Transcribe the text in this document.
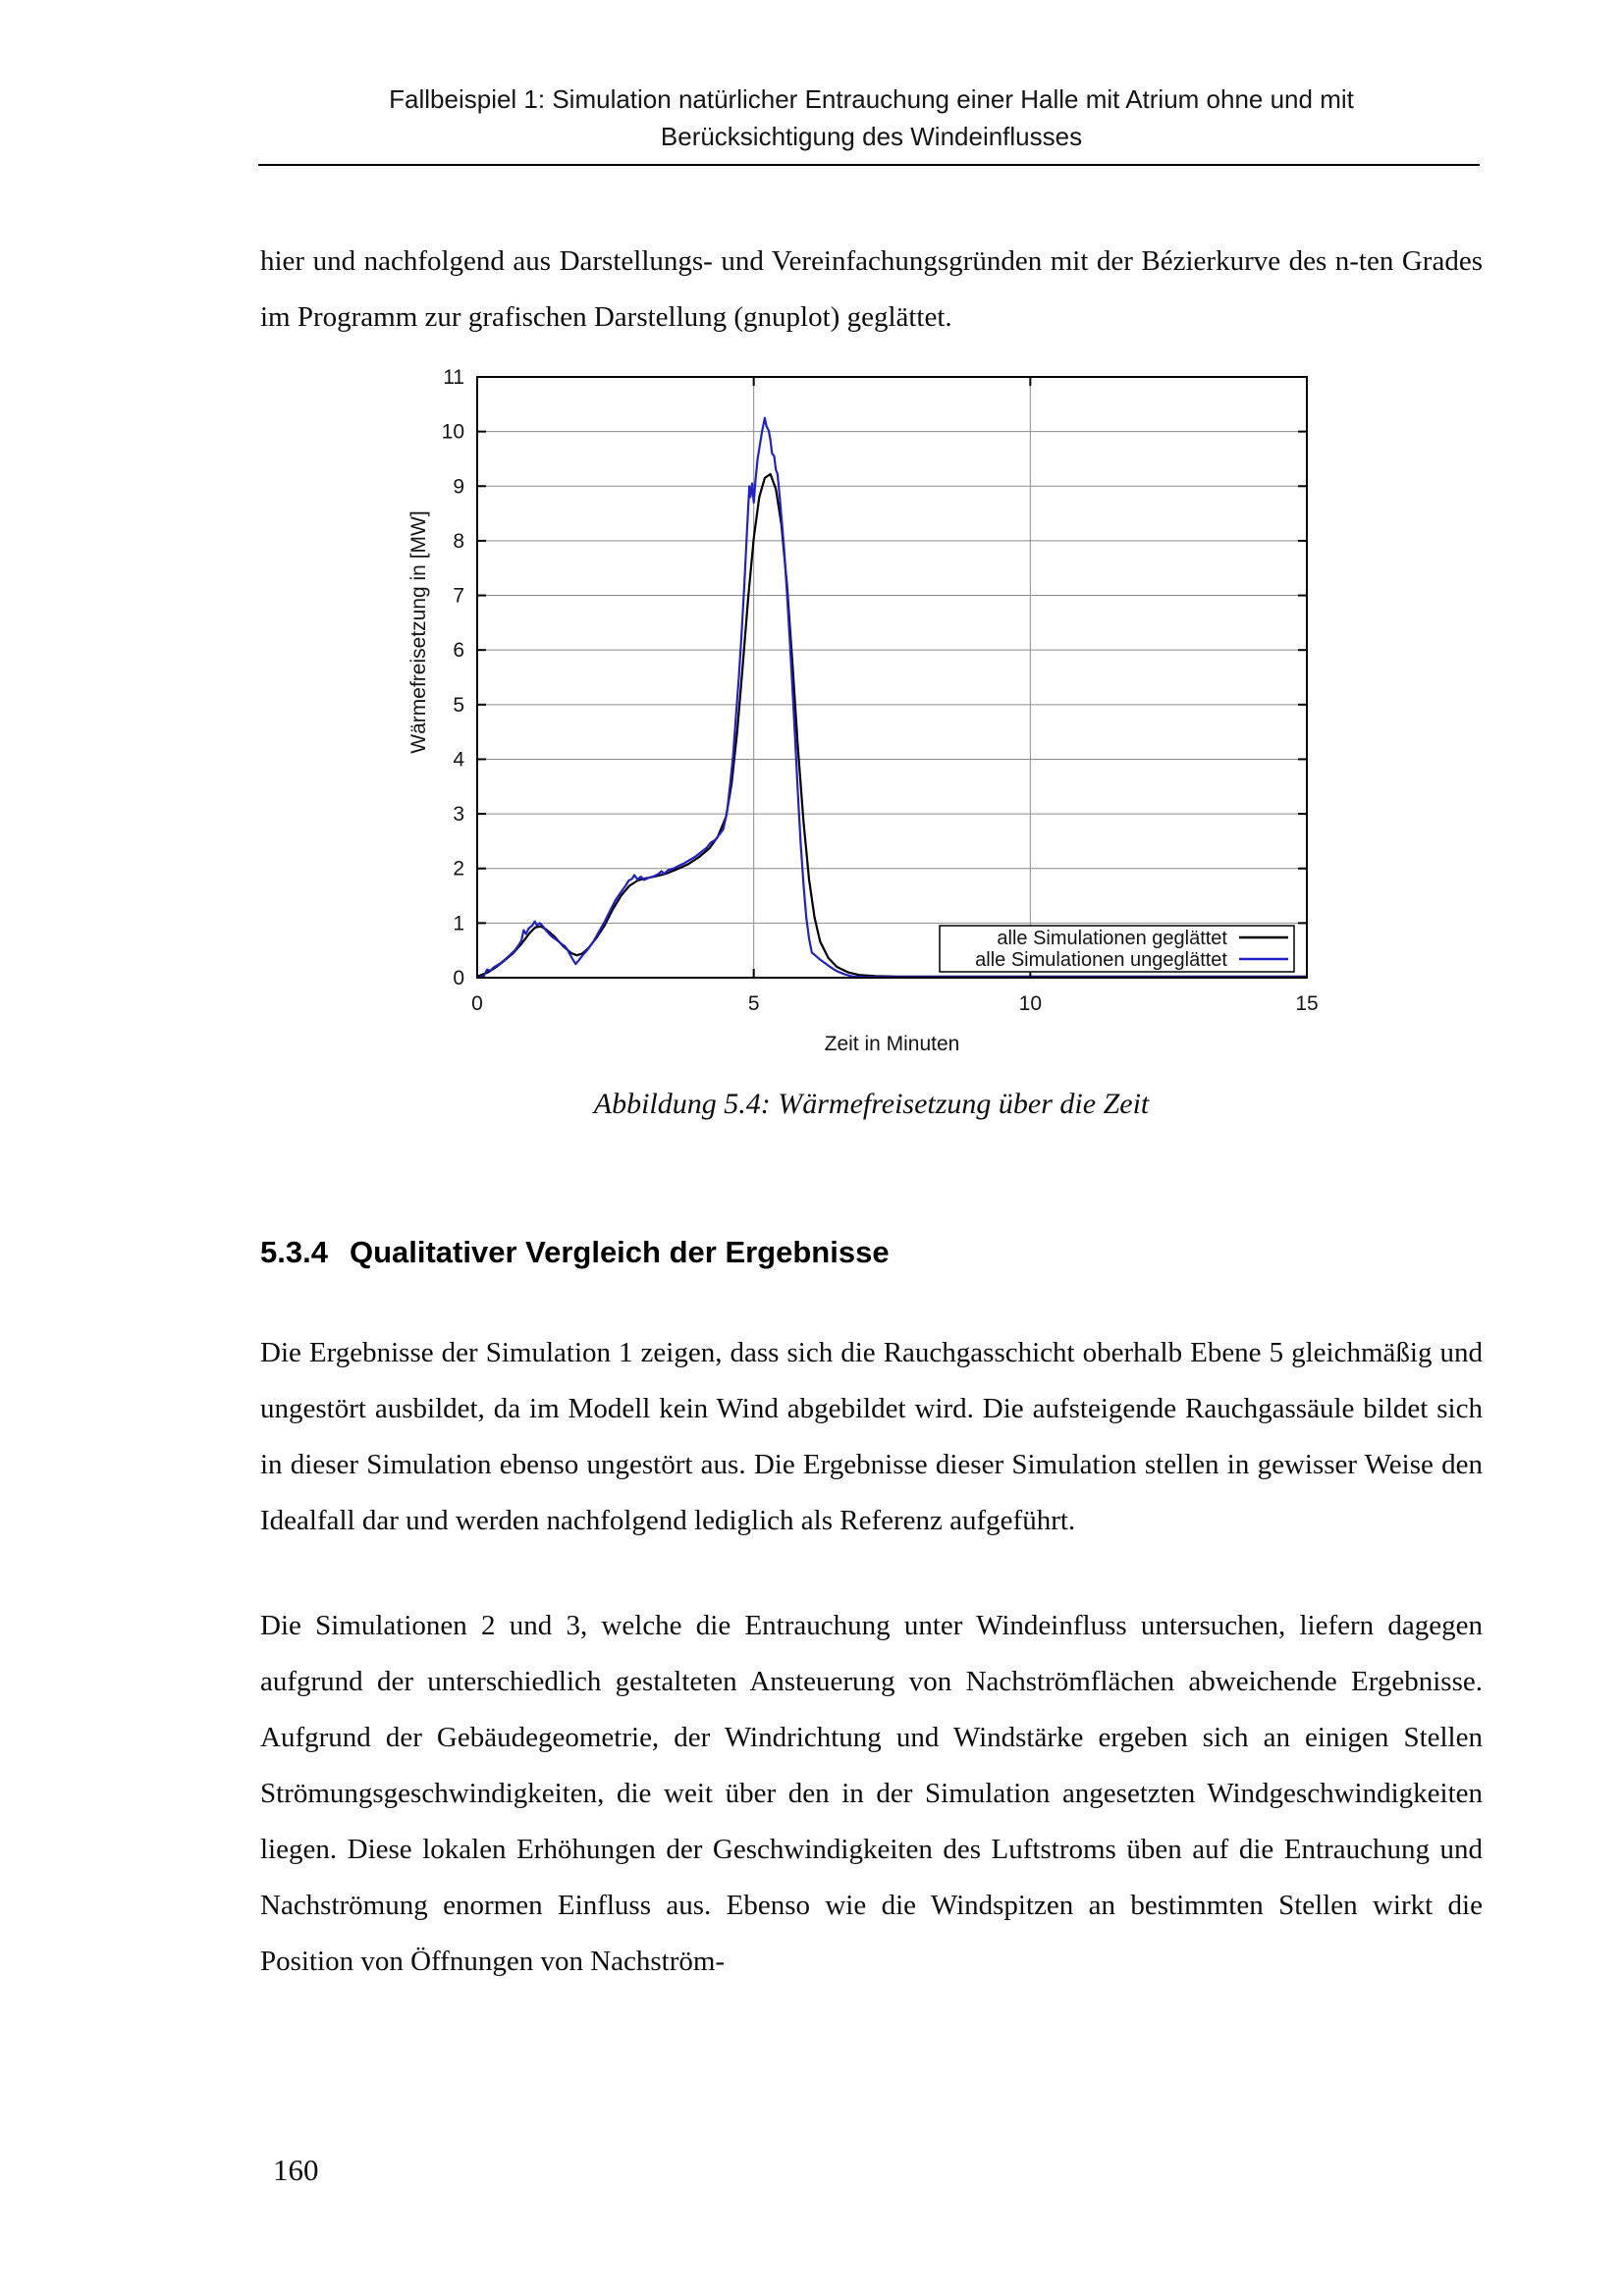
Fallbeispiel 1: Simulation natürlicher Entrauchung einer Halle mit Atrium ohne und mit
Berücksichtigung des Windeinflusses

hier und nachfolgend aus Darstellungs- und Vereinfachungsgründen mit der Bézierkurve des n-ten Grades im Programm zur grafischen Darstellung (gnuplot) geglättet.

0
1
2
3
4
5
6
7
8
9
10
11
0	5	10	15
Wärmefreisetzung in [MW]
Zeit in Minuten
alle Simulationen geglättet
alle Simulationen ungeglättet
Abbildung 5.4: Wärmefreisetzung über die Zeit
5.3.4 Qualitativer Vergleich der Ergebnisse

Die Ergebnisse der Simulation 1 zeigen, dass sich die Rauchgasschicht oberhalb Ebene 5 gleichmäßig und ungestört ausbildet, da im Modell kein Wind abgebildet wird. Die aufsteigende Rauchgassäule bildet sich in dieser Simulation ebenso ungestört aus. Die Ergebnisse dieser Simulation stellen in gewisser Weise den Idealfall dar und werden nachfolgend lediglich als Referenz aufgeführt.

Die Simulationen 2 und 3, welche die Entrauchung unter Windeinfluss untersuchen, liefern dagegen aufgrund der unterschiedlich gestalteten Ansteuerung von Nachströmflächen abweichende Ergebnisse. Aufgrund der Gebäudegeometrie, der Windrichtung und Windstärke ergeben sich an einigen Stellen Strömungsgeschwindigkeiten, die weit über den in der Simulation angesetzten Windgeschwindigkeiten liegen. Diese lokalen Erhöhungen der Geschwindigkeiten des Luftstroms üben auf die Entrauchung und Nachströmung enormen Einfluss aus. Ebenso wie die Windspitzen an bestimmten Stellen wirkt die Position von Öffnungen von Nachström-

160
